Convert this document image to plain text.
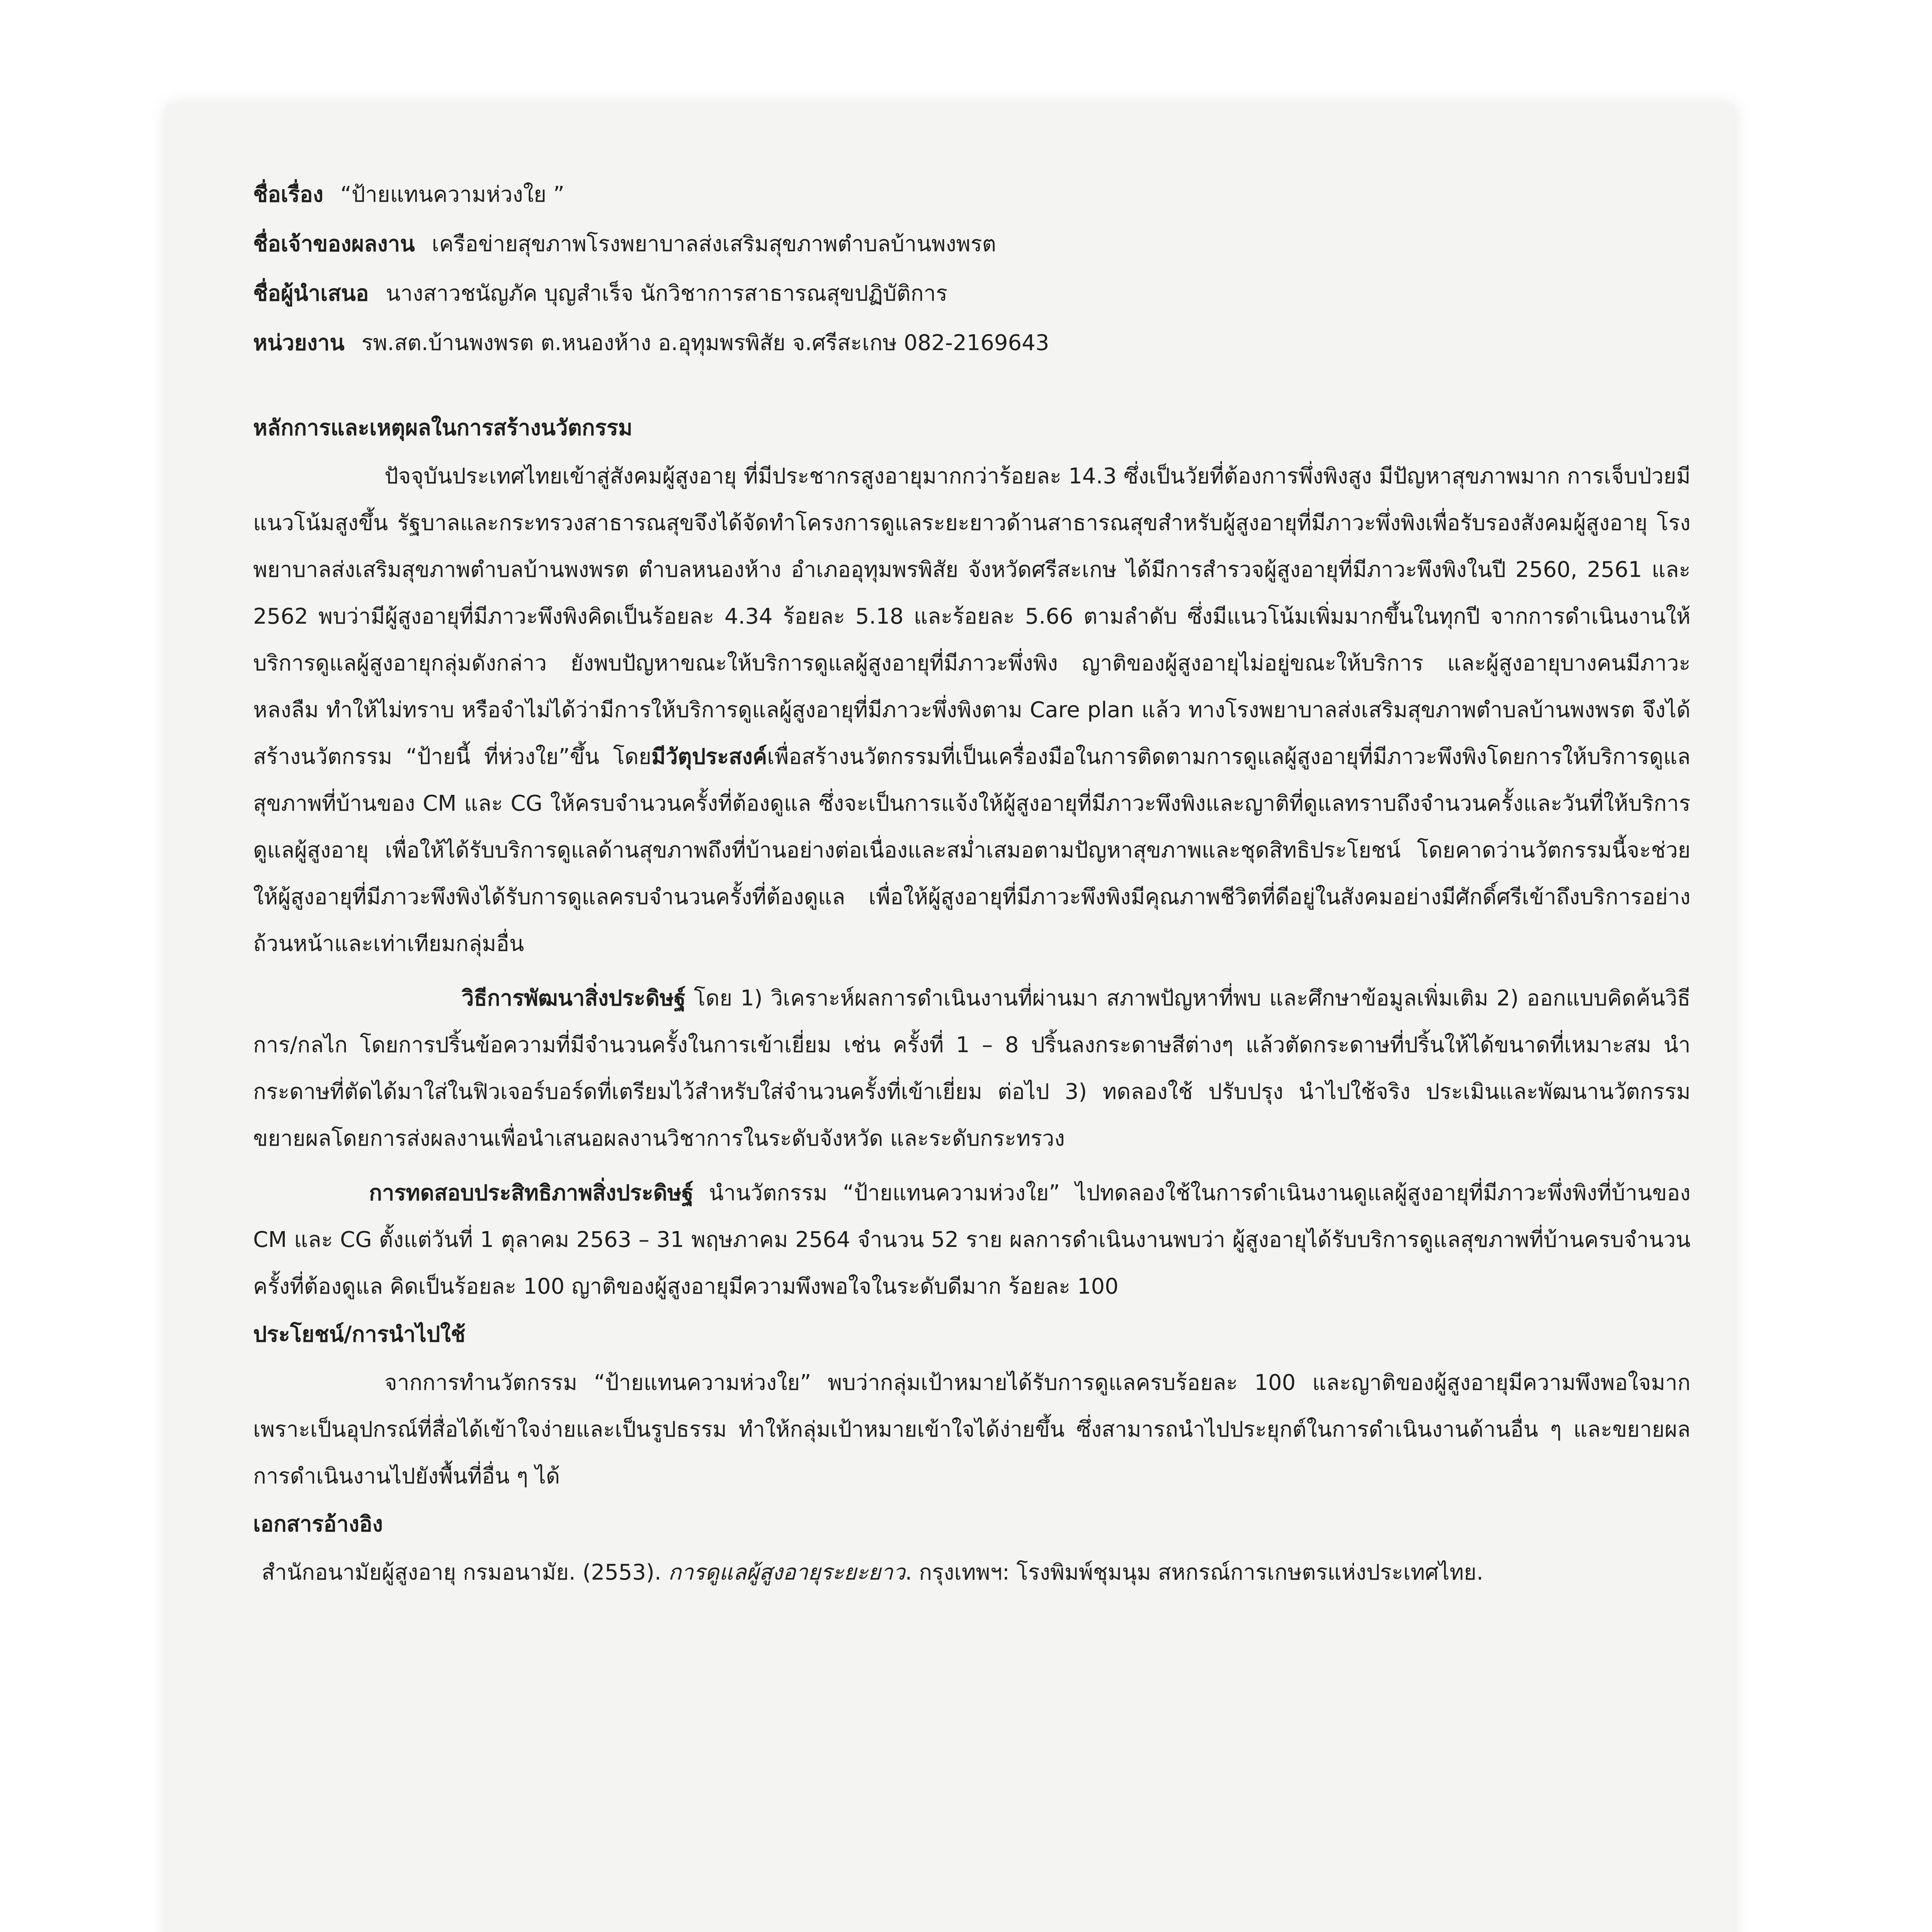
ชื่อเรื่อง “ป้ายแทนความห่วงใย ”
ชื่อเจ้าของผลงาน เครือข่ายสุขภาพโรงพยาบาลส่งเสริมสุขภาพตำบลบ้านพงพรต
ชื่อผู้นำเสนอ นางสาวชนัญภัค บุญสำเร็จ นักวิชาการสาธารณสุขปฏิบัติการ
หน่วยงาน รพ.สต.บ้านพงพรต ต.หนองห้าง อ.อุทุมพรพิสัย จ.ศรีสะเกษ 082-2169643
หลักการและเหตุผลในการสร้างนวัตกรรม
ปัจจุบันประเทศไทยเข้าสู่สังคมผู้สูงอายุ ที่มีประชากรสูงอายุมากกว่าร้อยละ 14.3 ซึ่งเป็นวัยที่ต้องการพึ่งพิงสูง มีปัญหาสุขภาพมาก การเจ็บป่วยมีแนวโน้มสูงขึ้น รัฐบาลและกระทรวงสาธารณสุขจึงได้จัดทำโครงการดูแลระยะยาวด้านสาธารณสุขสำหรับผู้สูงอายุที่มีภาวะพึ่งพิงเพื่อรับรองสังคมผู้สูงอายุ โรงพยาบาลส่งเสริมสุขภาพตำบลบ้านพงพรต ตำบลหนองห้าง อำเภออุทุมพรพิสัย จังหวัดศรีสะเกษ ได้มีการสำรวจผู้สูงอายุที่มีภาวะพึงพิงในปี 2560, 2561 และ 2562 พบว่ามีผู้สูงอายุที่มีภาวะพึงพิงคิดเป็นร้อยละ 4.34 ร้อยละ 5.18 และร้อยละ 5.66 ตามลำดับ ซึ่งมีแนวโน้มเพิ่มมากขึ้นในทุกปี จากการดำเนินงานให้บริการดูแลผู้สูงอายุกลุ่มดังกล่าว ยังพบปัญหาขณะให้บริการดูแลผู้สูงอายุที่มีภาวะพึ่งพิง ญาติของผู้สูงอายุไม่อยู่ขณะให้บริการ และผู้สูงอายุบางคนมีภาวะหลงลืม ทำให้ไม่ทราบ หรือจำไม่ได้ว่ามีการให้บริการดูแลผู้สูงอายุที่มีภาวะพึ่งพิงตาม Care plan แล้ว ทางโรงพยาบาลส่งเสริมสุขภาพตำบลบ้านพงพรต จึงได้สร้างนวัตกรรม “ป้ายนี้ ที่ห่วงใย”ขึ้น โดยมีวัตุประสงค์เพื่อสร้างนวัตกรรมที่เป็นเครื่องมือในการติดตามการดูแลผู้สูงอายุที่มีภาวะพึงพิงโดยการให้บริการดูแลสุขภาพที่บ้านของ CM และ CG ให้ครบจำนวนครั้งที่ต้องดูแล ซึ่งจะเป็นการแจ้งให้ผู้สูงอายุที่มีภาวะพึงพิงและญาติที่ดูแลทราบถึงจำนวนครั้งและวันที่ให้บริการดูแลผู้สูงอายุ เพื่อให้ได้รับบริการดูแลด้านสุขภาพถึงที่บ้านอย่างต่อเนื่องและสม่ำเสมอตามปัญหาสุขภาพและชุดสิทธิประโยชน์ โดยคาดว่านวัตกรรมนี้จะช่วยให้ผู้สูงอายุที่มีภาวะพึงพิงได้รับการดูแลครบจำนวนครั้งที่ต้องดูแล เพื่อให้ผู้สูงอายุที่มีภาวะพึงพิงมีคุณภาพชีวิตที่ดีอยู่ในสังคมอย่างมีศักดิ์ศรีเข้าถึงบริการอย่างถ้วนหน้าและเท่าเทียมกลุ่มอื่น
วิธีการพัฒนาสิ่งประดิษฐ์ โดย 1) วิเคราะห์ผลการดำเนินงานที่ผ่านมา สภาพปัญหาที่พบ และศึกษาข้อมูลเพิ่มเติม 2) ออกแบบคิดค้นวิธีการ/กลไก โดยการปริ้นข้อความที่มีจำนวนครั้งในการเข้าเยี่ยม เช่น ครั้งที่ 1 – 8 ปริ้นลงกระดาษสีต่างๆ แล้วตัดกระดาษที่ปริ้นให้ได้ขนาดที่เหมาะสม นำกระดาษที่ตัดได้มาใส่ในฟิวเจอร์บอร์ดที่เตรียมไว้สำหรับใส่จำนวนครั้งที่เข้าเยี่ยม ต่อไป 3) ทดลองใช้ ปรับปรุง นำไปใช้จริง ประเมินและพัฒนานวัตกรรม ขยายผลโดยการส่งผลงานเพื่อนำเสนอผลงานวิชาการในระดับจังหวัด และระดับกระทรวง
การทดสอบประสิทธิภาพสิ่งประดิษฐ์ นำนวัตกรรม “ป้ายแทนความห่วงใย” ไปทดลองใช้ในการดำเนินงานดูแลผู้สูงอายุที่มีภาวะพึ่งพิงที่บ้านของ CM และ CG ตั้งแต่วันที่ 1 ตุลาคม 2563 – 31 พฤษภาคม 2564 จำนวน 52 ราย ผลการดำเนินงานพบว่า ผู้สูงอายุได้รับบริการดูแลสุขภาพที่บ้านครบจำนวนครั้งที่ต้องดูแล คิดเป็นร้อยละ 100 ญาติของผู้สูงอายุมีความพึงพอใจในระดับดีมาก ร้อยละ 100
ประโยชน์/การนำไปใช้
จากการทำนวัตกรรม “ป้ายแทนความห่วงใย” พบว่ากลุ่มเป้าหมายได้รับการดูแลครบร้อยละ 100 และญาติของผู้สูงอายุมีความพึงพอใจมาก เพราะเป็นอุปกรณ์ที่สื่อได้เข้าใจง่ายและเป็นรูปธรรม ทำให้กลุ่มเป้าหมายเข้าใจได้ง่ายขึ้น ซึ่งสามารถนำไปประยุกต์ในการดำเนินงานด้านอื่น ๆ และขยายผลการดำเนินงานไปยังพื้นที่อื่น ๆ ได้
เอกสารอ้างอิง
สำนักอนามัยผู้สูงอายุ กรมอนามัย. (2553). การดูแลผู้สูงอายุระยะยาว. กรุงเทพฯ: โรงพิมพ์ชุมนุม สหกรณ์การเกษตรแห่งประเทศไทย.
